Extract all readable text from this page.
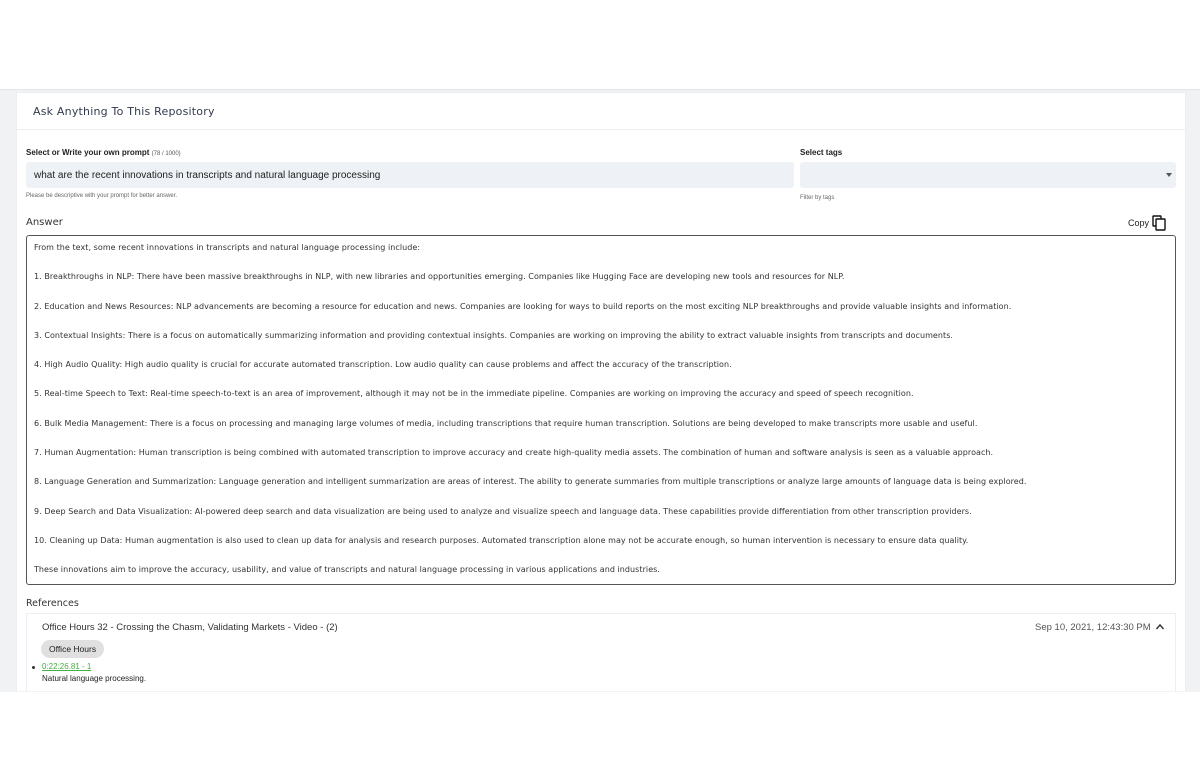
Ask Anything To This Repository
Select or Write your own prompt (78 / 1000)
what are the recent innovations in transcripts and natural language processing
Please be descriptive with your prompt for better answer.
Select tags
Filter by tags
Answer	Copy
From the text, some recent innovations in transcripts and natural language processing include:
1. Breakthroughs in NLP: There have been massive breakthroughs in NLP, with new libraries and opportunities emerging. Companies like Hugging Face are developing new tools and resources for NLP.
2. Education and News Resources: NLP advancements are becoming a resource for education and news. Companies are looking for ways to build reports on the most exciting NLP breakthroughs and provide valuable insights and information.
3. Contextual Insights: There is a focus on automatically summarizing information and providing contextual insights. Companies are working on improving the ability to extract valuable insights from transcripts and documents.
4. High Audio Quality: High audio quality is crucial for accurate automated transcription. Low audio quality can cause problems and affect the accuracy of the transcription.
5. Real-time Speech to Text: Real-time speech-to-text is an area of improvement, although it may not be in the immediate pipeline. Companies are working on improving the accuracy and speed of speech recognition.
6. Bulk Media Management: There is a focus on processing and managing large volumes of media, including transcriptions that require human transcription. Solutions are being developed to make transcripts more usable and useful.
7. Human Augmentation: Human transcription is being combined with automated transcription to improve accuracy and create high-quality media assets. The combination of human and software analysis is seen as a valuable approach.
8. Language Generation and Summarization: Language generation and intelligent summarization are areas of interest. The ability to generate summaries from multiple transcriptions or analyze large amounts of language data is being explored.
9. Deep Search and Data Visualization: AI-powered deep search and data visualization are being used to analyze and visualize speech and language data. These capabilities provide differentiation from other transcription providers.
10. Cleaning up Data: Human augmentation is also used to clean up data for analysis and research purposes. Automated transcription alone may not be accurate enough, so human intervention is necessary to ensure data quality.
These innovations aim to improve the accuracy, usability, and value of transcripts and natural language processing in various applications and industries.
References
Office Hours 32 - Crossing the Chasm, Validating Markets - Video - (2)	Sep 10, 2021, 12:43:30 PM
Office Hours
0:22:26.81 - 1
Natural language processing.
